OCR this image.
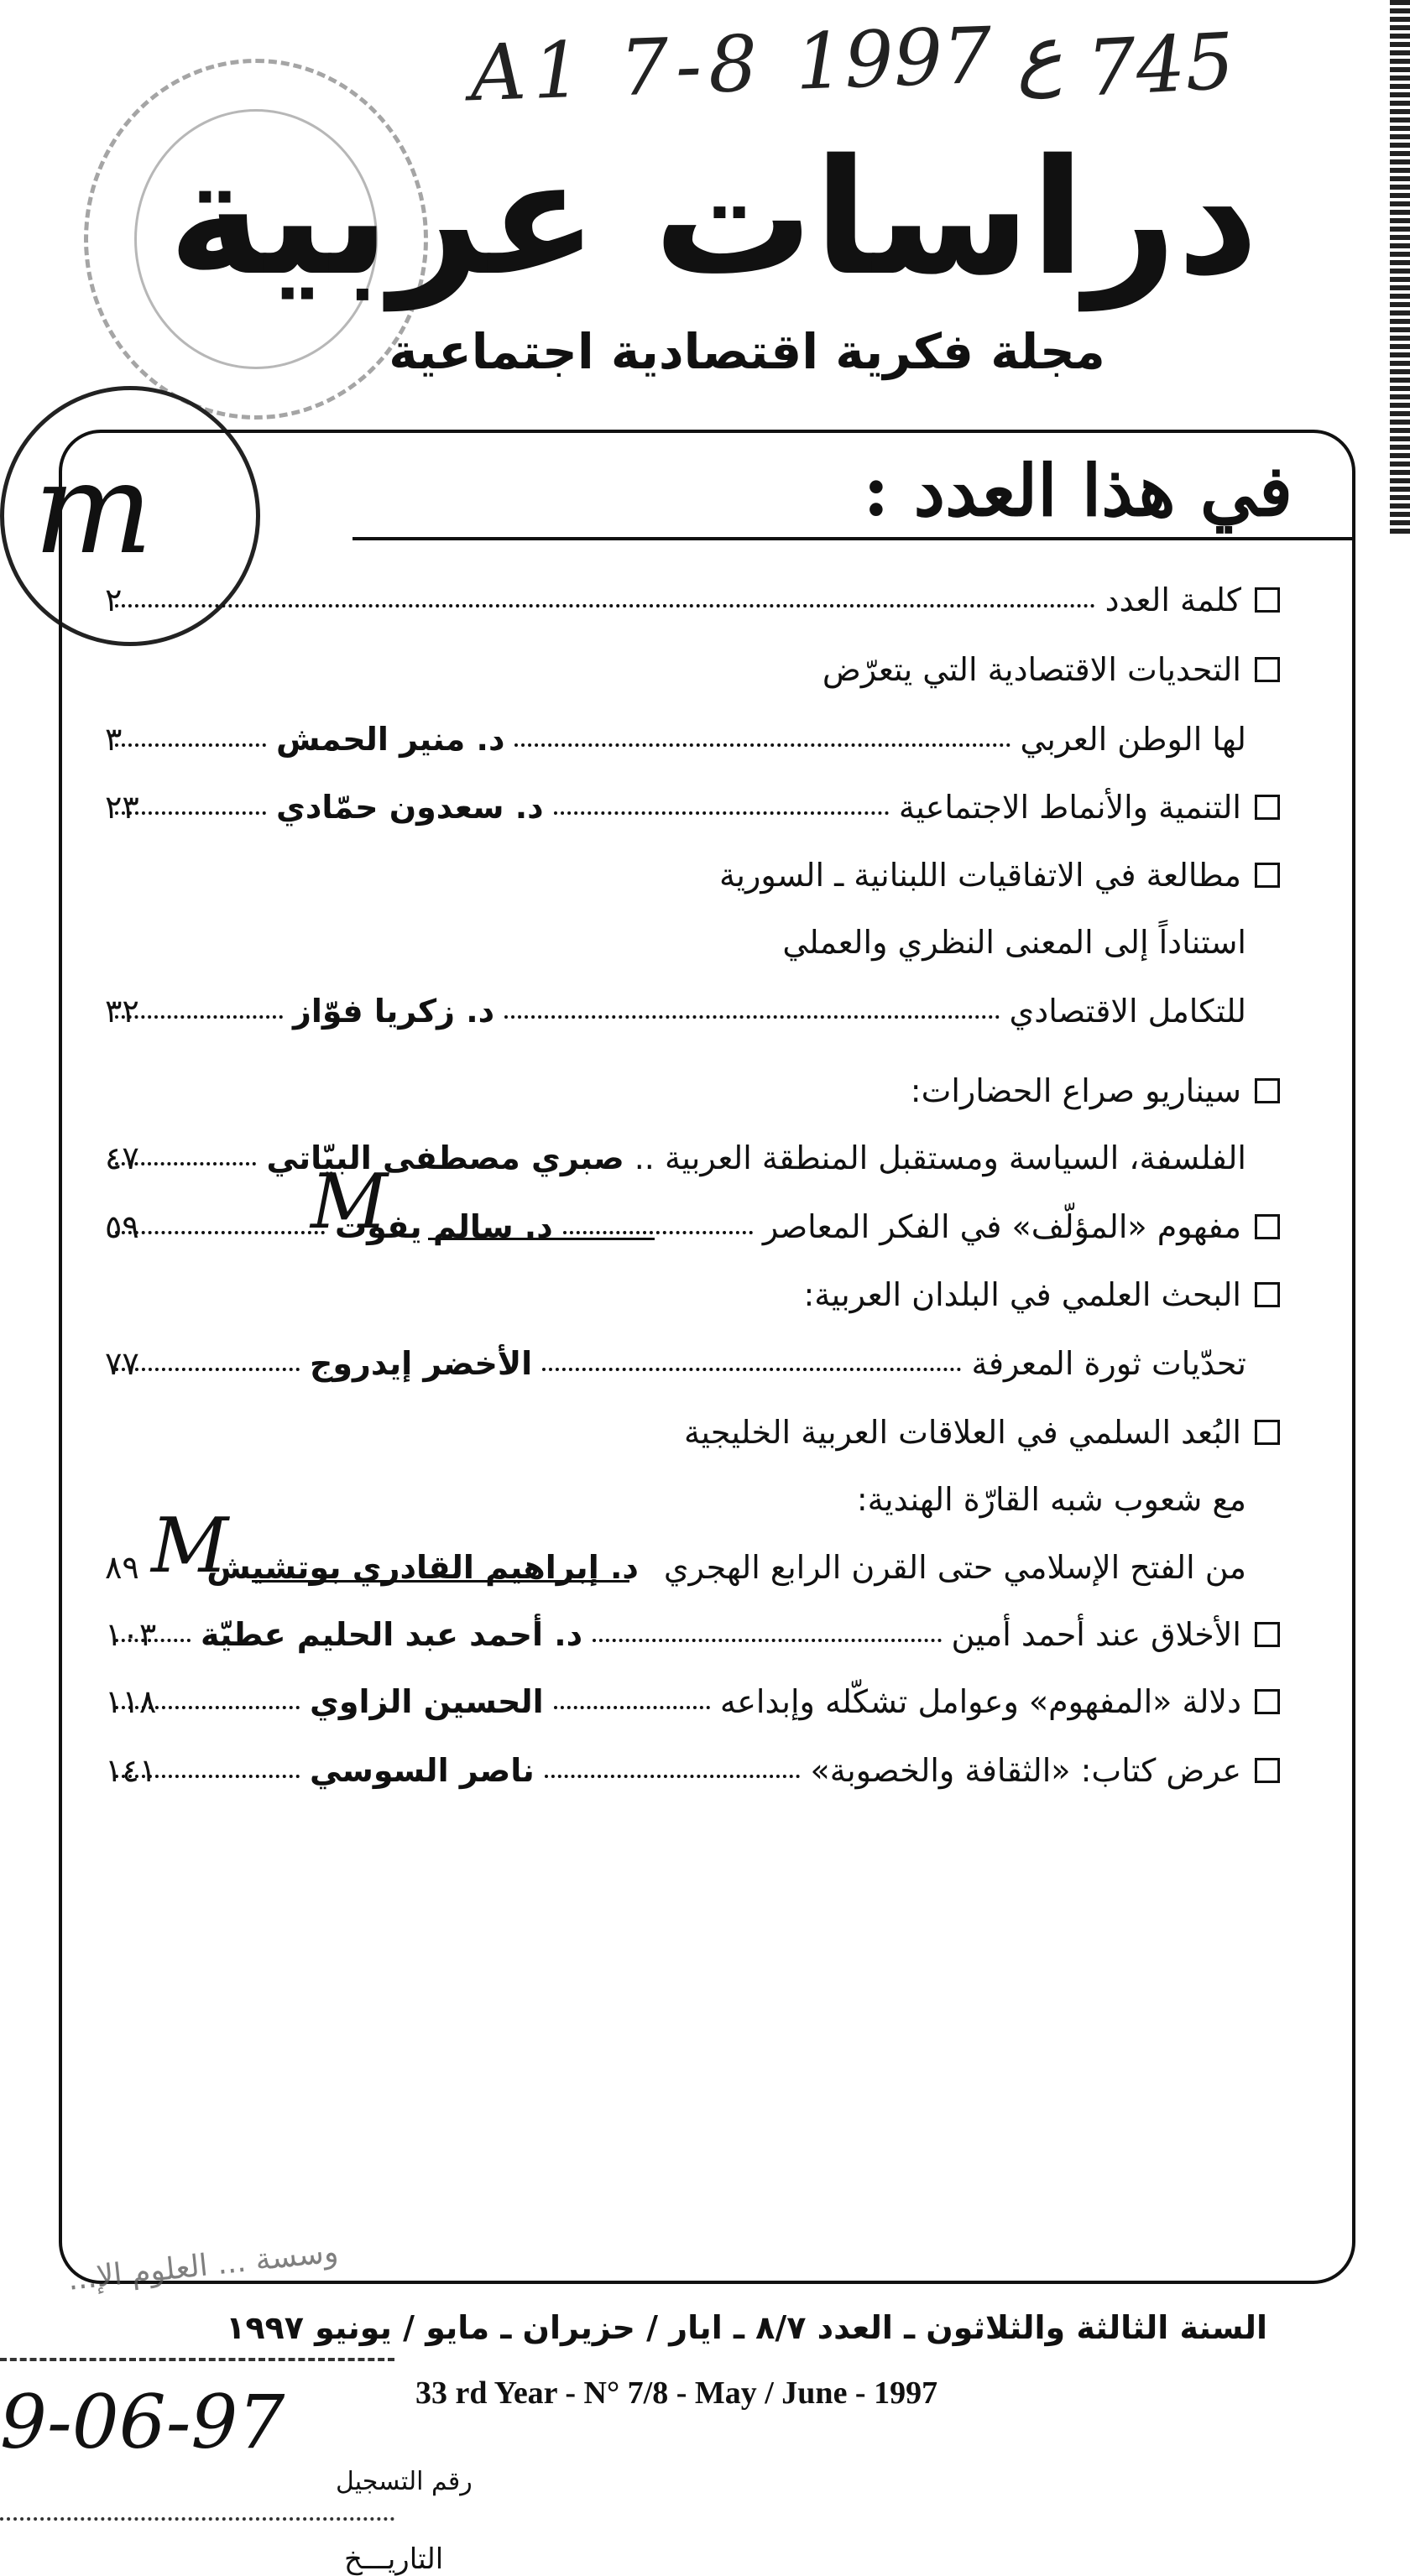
A1 7-8 ع 1997 745
دراسات عربية
مجلة فكرية اقتصادية اجتماعية
m	في هذا العدد :
كلمة العدد
٢
التحديات الاقتصادية التي يتعرّض
لها الوطن العربي
د. منير الحمش
٣
التنمية والأنماط الاجتماعية
د. سعدون حمّادي
٢٣
مطالعة في الاتفاقيات اللبنانية ـ السورية
استناداً إلى المعنى النظري والعملي
للتكامل الاقتصادي
د. زكريا فوّاز
٣٢
سيناريو صراع الحضارات:
الفلسفة، السياسة ومستقبل المنطقة العربية ..
صبري مصطفى البيّاتي
٤٧
مفهوم «المؤلّف» في الفكر المعاصر
د. سالم يفوت
٥٩
البحث العلمي في البلدان العربية:
تحدّيات ثورة المعرفة
الأخضر إيدروج
٧٧
البُعد السلمي في العلاقات العربية الخليجية
مع شعوب شبه القارّة الهندية:
من الفتح الإسلامي حتى القرن الرابع الهجري
د. إبراهيم القادري بوتشيش
٨٩
الأخلاق عند أحمد أمين
د. أحمد عبد الحليم عطيّة
١٠٣
دلالة «المفهوم» وعوامل تشكّله وإبداعه
الحسين الزاوي
١١٨
عرض كتاب: «الثقافة والخصوبة»
ناصر السوسي
١٤١
M
M
وسسة ... العلوم الإ...
السنة الثالثة والثلاثون ـ العدد ٨/٧ ـ ايار / حزيران ـ مايو / يونيو ١٩٩٧
33 rd Year - N° 7/8 - May / June - 1997
9-06-97
رقم التسجيل
التاريـــخ
